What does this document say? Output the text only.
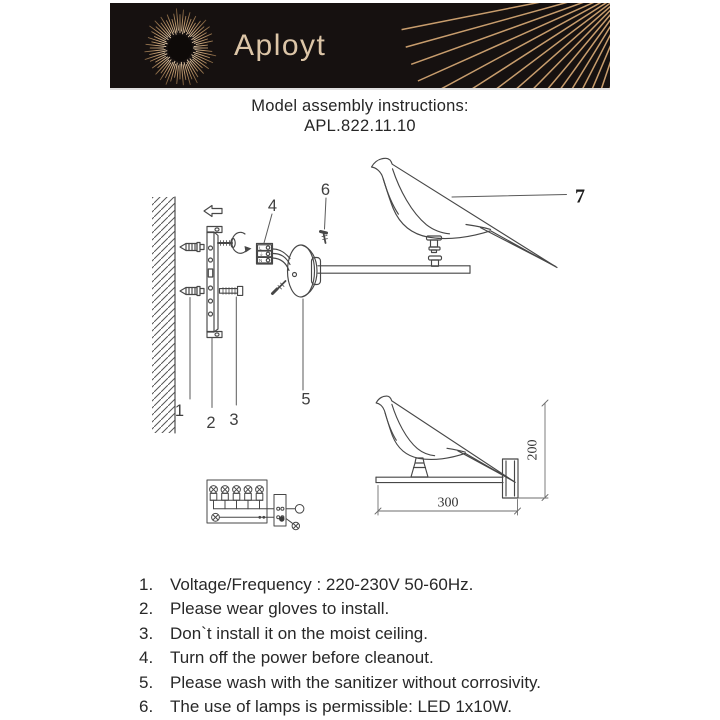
Aployt
Model assembly instructions:
APL.822.11.10
L
⏚
N
1
2 3
4
5
6	7
300
200
1. Voltage/Frequency : 220-230V 50-60Hz.
2. Please wear gloves to install.
3. Don`t install it on the moist ceiling.
4. Turn off the power before cleanout.
5. Please wash with the sanitizer without corrosivity.
6. The use of lamps is permissible: LED 1x10W.
